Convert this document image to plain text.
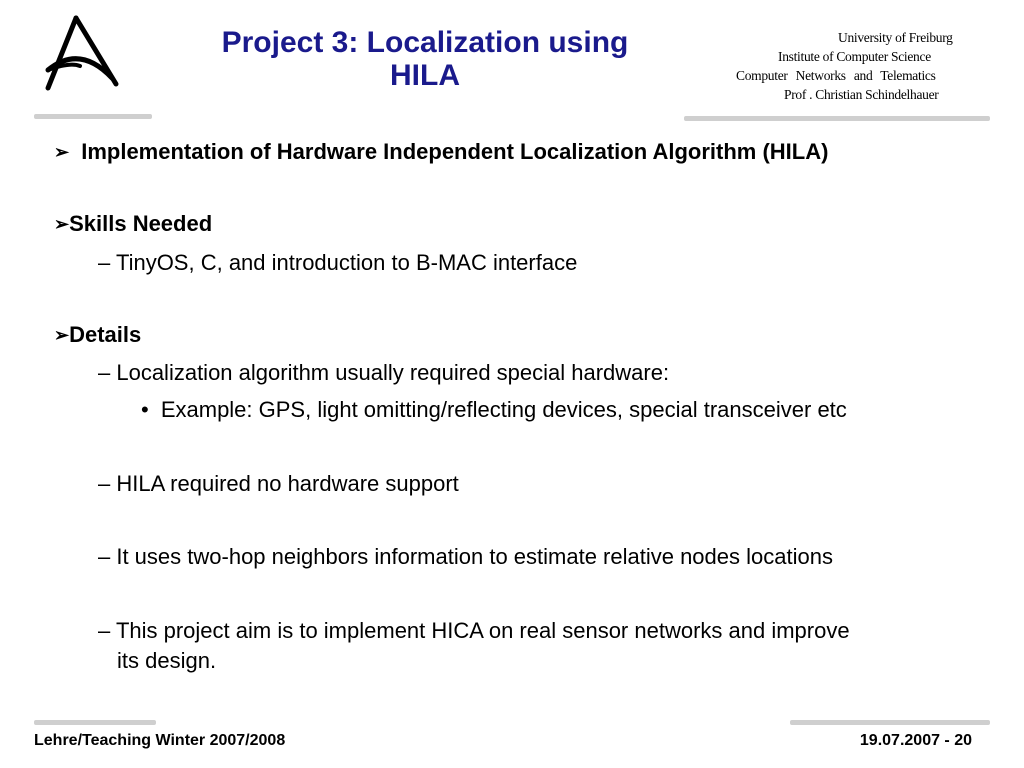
Project 3: Localization using
HILA
University of Freiburg
Institute of Computer Science
Computer Networks and Telematics
Prof . Christian Schindelhauer
➢ Implementation of Hardware Independent Localization Algorithm (HILA)
➢Skills Needed
– TinyOS, C, and introduction to B-MAC interface
➢Details
– Localization algorithm usually required special hardware:
• Example: GPS, light omitting/reflecting devices, special transceiver etc
– HILA required no hardware support
– It uses two-hop neighbors information to estimate relative nodes locations
– This project aim is to implement HICA on real sensor networks and improve
its design.
Lehre/Teaching Winter 2007/2008	19.07.2007 - 20
